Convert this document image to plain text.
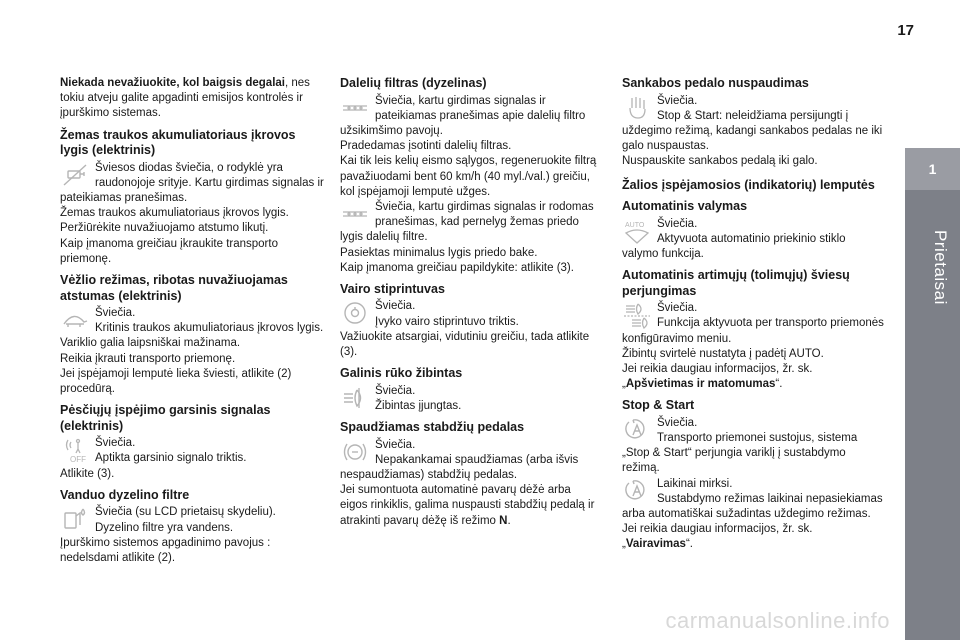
17
1
Prietaisai

Niekada nevažiuokite, kol baigsis degalai, nes tokiu atveju galite apgadinti emisijos kontrolės ir įpurškimo sistemas.

Žemas traukos akumuliatoriaus įkrovos lygis (elektrinis)

Šviesos diodas šviečia, o rodyklė yra raudonojoje srityje. Kartu girdimas signalas ir pateikiamas pranešimas.

Žemas traukos akumuliatoriaus įkrovos lygis.

Peržiūrėkite nuvažiuojamo atstumo likutį.

Kaip įmanoma greičiau įkraukite transporto priemonę.

Vėžlio režimas, ribotas nuvažiuojamas atstumas (elektrinis)

Šviečia.

Kritinis traukos akumuliatoriaus įkrovos lygis.

Variklio galia laipsniškai mažinama.

Reikia įkrauti transporto priemonę.

Jei įspėjamoji lemputė lieka šviesti, atlikite (2) procedūrą.

Pėsčiųjų įspėjimo garsinis signalas (elektrinis)
OFF

Šviečia.

Aptikta garsinio signalo triktis.

Atlikite (3).

Vanduo dyzelino filtre

Šviečia (su LCD prietaisų skydeliu).

Dyzelino filtre yra vandens.

Įpurškimo sistemos apgadinimo pavojus : nedelsdami atlikite (2).

Dalelių filtras (dyzelinas)

Šviečia, kartu girdimas signalas ir pateikiamas pranešimas apie dalelių filtro užsikimšimo pavojų.

Pradedamas įsotinti dalelių filtras.

Kai tik leis kelių eismo sąlygos, regeneruokite filtrą pavažiuodami bent 60 km/h (40 myl./val.) greičiu, kol įspėjamoji lemputė užges.

Šviečia, kartu girdimas signalas ir rodomas pranešimas, kad pernelyg žemas priedo lygis dalelių filtre.

Pasiektas minimalus lygis priedo bake.

Kaip įmanoma greičiau papildykite: atlikite (3).

Vairo stiprintuvas

Šviečia.

Įvyko vairo stiprintuvo triktis.

Važiuokite atsargiai, vidutiniu greičiu, tada atlikite (3).

Galinis rūko žibintas

Šviečia.

Žibintas įjungtas.

Spaudžiamas stabdžių pedalas

Šviečia.

Nepakankamai spaudžiamas (arba išvis nespaudžiamas) stabdžių pedalas.

Jei sumontuota automatinė pavarų dėžė arba eigos rinkiklis, galima nuspausti stabdžių pedalą ir atrakinti pavarų dėžę iš režimo N.

Sankabos pedalo nuspaudimas

Šviečia.

Stop & Start: neleidžiama persijungti į uždegimo režimą, kadangi sankabos pedalas ne iki galo nuspaustas.

Nuspauskite sankabos pedalą iki galo.

Žalios įspėjamosios (indikatorių) lemputės
Automatinis valymas
AUTO	Šviečia.

Aktyvuota automatinio priekinio stiklo valymo funkcija.

Automatinis artimųjų (tolimųjų) šviesų perjungimas

Šviečia.

Funkcija aktyvuota per transporto priemonės konfigūravimo meniu.

Žibintų svirtelė nustatyta į padėtį AUTO.

Jei reikia daugiau informacijos, žr. sk.

„Apšvietimas ir matomumas“.

Stop & Start

Šviečia.

Transporto priemonei sustojus, sistema „Stop & Start“ perjungia variklį į sustabdymo režimą.

Laikinai mirksi.

Sustabdymo režimas laikinai nepasiekiamas arba automatiškai sužadintas uždegimo režimas.

Jei reikia daugiau informacijos, žr. sk.

„Vairavimas“.

carmanualsonline.info
